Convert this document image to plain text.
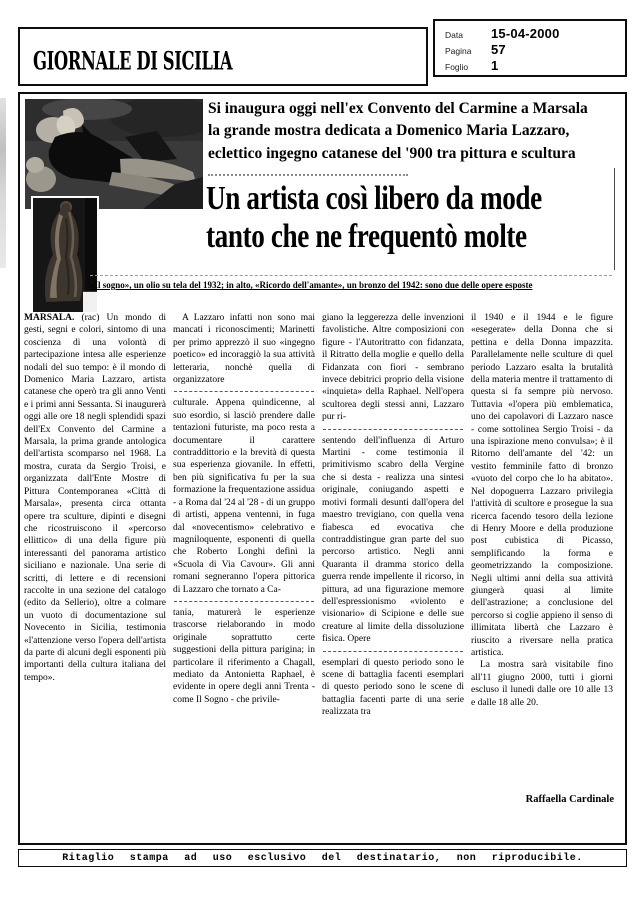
GIORNALE DI SICILIA
Data	15-04-2000
Pagina	57
Foglio	1
Si inaugura oggi nell'ex Convento del Carmine a Marsala
la grande mostra dedicata a Domenico Maria Lazzaro,
eclettico ingegno catanese del '900 tra pittura e scultura
Un artista così libero da mode
tanto che ne frequentò molte
«Il sogno», un olio su tela del 1932; in alto, «Ricordo dell'amante», un bronzo del 1942: sono due delle opere esposte

MARSALA. (rac) Un mondo di gesti, segni e colori, sintomo di una coscienza di una volontà di partecipazione intesa alle esperienze nodali del suo tempo: è il mondo di Domenico Maria Lazzaro, artista catanese che operò tra gli anno Venti e i primi anni Sessanta. Si inaugurerà oggi alle ore 18 negli splendidi spazi dell'Ex Convento del Carmine a Marsala, la prima grande antologica dell'artista scomparso nel 1968. La mostra, curata da Sergio Troisi, e organizzata dall'Ente Mostre di Pittura Contemporanea «Città di Marsala», presenta circa ottanta opere tra sculture, dipinti e disegni che ricostruiscono il «percorso ellittico» di una della figure più interessanti del panorama artistico siciliano e nazionale. Una serie di scritti, di lettere e di recensioni raccolte in una sezione del catalogo (edito da Sellerio), oltre a colmare un vuoto di documentazione sul Novecento in Sicilia, testimonia «l'attenzione verso l'opera dell'artista da parte di alcuni degli esponenti più importanti della cultura italiana del tempo».

A Lazzaro infatti non sono mai mancati i riconoscimenti; Marinetti per primo apprezzò il suo «ingegno poetico» ed incoraggiò la sua attività letteraria, nonchè quella di organizzatore

culturale. Appena quindicenne, al suo esordio, si lasciò prendere dalle tentazioni futuriste, ma poco resta a documentare il carattere contraddittorio e la brevità di questa sua esperienza giovanile. In effetti, ben più significativa fu per la sua formazione la frequentazione assidua - a Roma dal '24 al '28 - di un gruppo di artisti, appena ventenni, in fuga dal «novecentismo» celebrativo e magniloquente, esponenti di quella che Roberto Longhi definì la «Scuola di Via Cavour». Gli anni romani segneranno l'opera pittorica di Lazzaro che tornato a Ca-

tania, maturerà le esperienze trascorse rielaborando in modo originale soprattutto certe suggestioni della pittura parigina; in particolare il riferimento a Chagall, mediato da Antonietta Raphael, è evidente in opere degli anni Trenta - come Il Sogno - che privile-

giano la leggerezza delle invenzioni favolistiche. Altre composizioni con figure - l'Autoritratto con fidanzata, il Ritratto della moglie e quello della Fidanzata con fiori - sembrano invece debitrici proprio della visione «inquieta» della Raphael. Nell'opera scultorea degli stessi anni, Lazzaro pur ri-

sentendo dell'influenza di Arturo Martini - come testimonia il primitivismo scabro della Vergine che si desta - realizza una sintesi originale, coniugando aspetti e motivi formali desunti dall'opera del maestro trevigiano, con quella vena fiabesca ed evocativa che contraddistingue gran parte del suo percorso artistico. Negli anni Quaranta il dramma storico della guerra rende impellente il ricorso, in pittura, ad una figurazione memore dell'espressionismo «violento e visionario» di Scipione e delle sue creature al limite della dissoluzione fisica. Opere

esemplari di questo periodo sono le scene di battaglia facenti esemplari di questo periodo sono le scene di battaglia facenti parte di una serie realizzata tra

il 1940 e il 1944 e le figure «esegerate» della Donna che si pettina e della Donna impazzita. Parallelamente nelle sculture di quel periodo Lazzaro esalta la brutalità della materia mentre il trattamento di questa si fa sempre più nervoso. Tuttavia «l'opera più emblematica, uno dei capolavori di Lazzaro nasce - come sottolinea Sergio Troisi - da una ispirazione meno convulsa»; è il Ritorno dell'amante del '42: un vestito femminile fatto di bronzo «vuoto del corpo che lo ha abitato». Nel dopoguerra Lazzaro privilegia l'attività di scultore e prosegue la sua ricerca facendo tesoro della lezione di Henry Moore e della produzione post cubistica di Picasso, semplificando la forma e geometrizzando la composizione. Negli ultimi anni della sua attività giungerà quasi al limite dell'astrazione; a conclusione del percorso si coglie appieno il senso di illimitata libertà che Lazzaro è riuscito a riversare nella pratica artistica.

La mostra sarà visitabile fino all'11 giugno 2000, tutti i giorni escluso il lunedì dalle ore 10 alle 13 e dalle 18 alle 20.

Raffaella Cardinale
Ritaglio stampa ad uso esclusivo del destinatario, non riproducibile.
